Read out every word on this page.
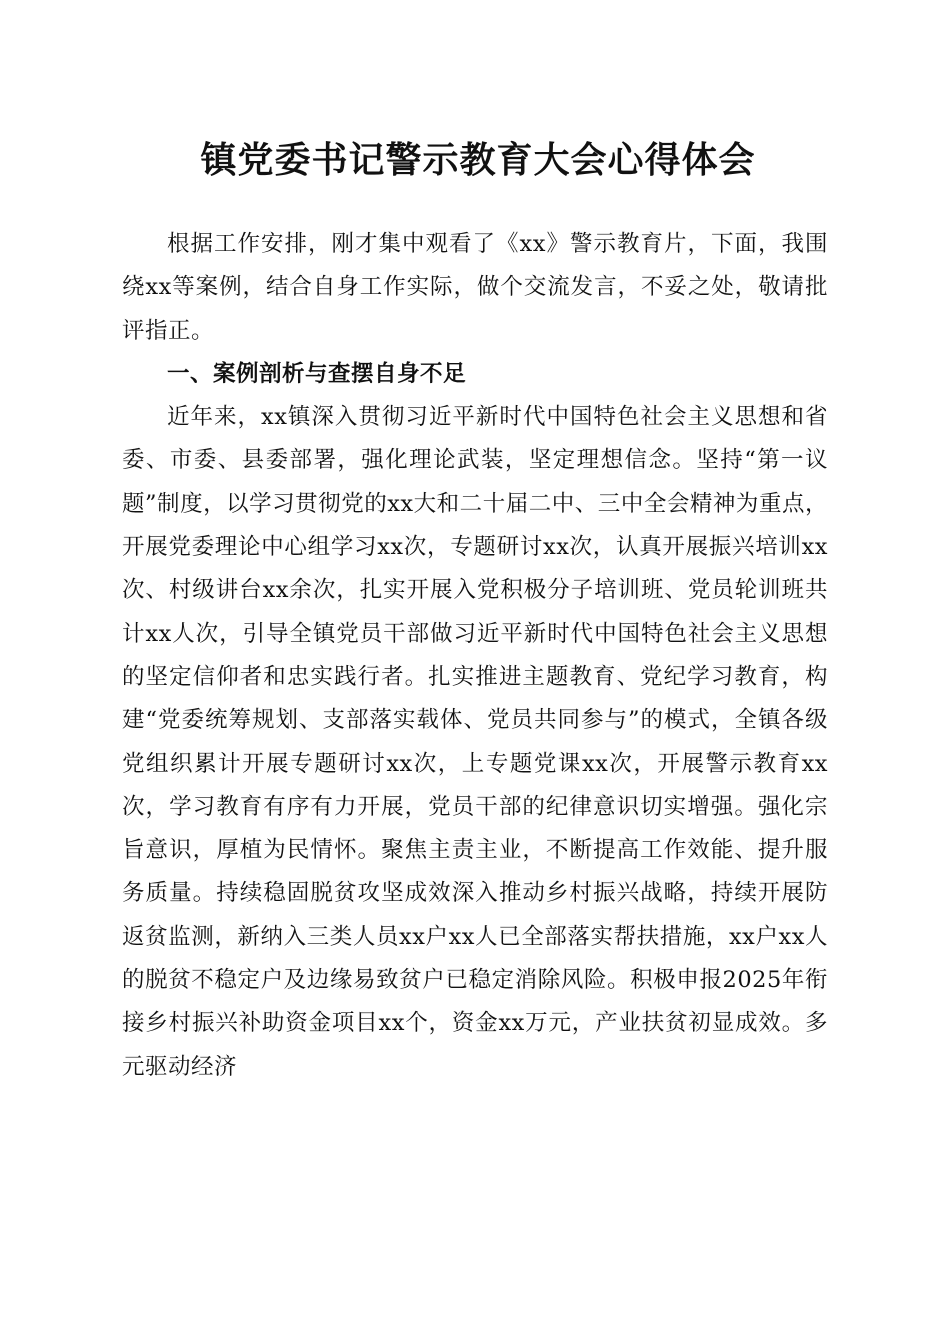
镇党委书记警示教育大会心得体会

根据工作安排，刚才集中观看了《xx》警示教育片，下面，我围绕xx等案例，结合自身工作实际，做个交流发言，不妥之处，敬请批评指正。

一、案例剖析与查摆自身不足

近年来，xx镇深入贯彻习近平新时代中国特色社会主义思想和省委、市委、县委部署，强化理论武装，坚定理想信念。坚持“第一议题”制度，以学习贯彻党的xx大和二十届二中、三中全会精神为重点，开展党委理论中心组学习xx次，专题研讨xx次，认真开展振兴培训xx次、村级讲台xx余次，扎实开展入党积极分子培训班、党员轮训班共计xx人次，引导全镇党员干部做习近平新时代中国特色社会主义思想的坚定信仰者和忠实践行者。扎实推进主题教育、党纪学习教育，构建“党委统筹规划、支部落实载体、党员共同参与”的模式，全镇各级党组织累计开展专题研讨xx次，上专题党课xx次，开展警示教育xx次，学习教育有序有力开展，党员干部的纪律意识切实增强。强化宗旨意识，厚植为民情怀。聚焦主责主业，不断提高工作效能、提升服务质量。持续稳固脱贫攻坚成效深入推动乡村振兴战略，持续开展防返贫监测，新纳入三类人员xx户xx人已全部落实帮扶措施，xx户xx人的脱贫不稳定户及边缘易致贫户已稳定消除风险。积极申报2025年衔接乡村振兴补助资金项目xx个，资金xx万元，产业扶贫初显成效。多元驱动经济
